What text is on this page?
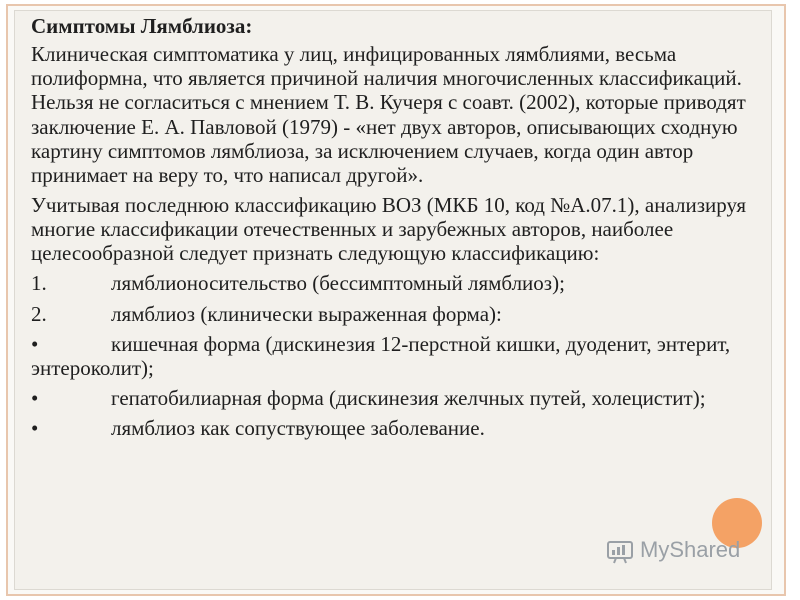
Симптомы Лямблиоза:
Клиническая симптоматика у лиц, инфицированных лямблиями, весьма полиформна, что является причиной наличия многочисленных классификаций. Нельзя не согласиться с мнением Т. В. Кучеря с соавт. (2002), которые приводят заключение Е. А. Павловой (1979) - «нет двух авторов, описывающих сходную картину симптомов лямблиоза, за исключением случаев, когда один автор принимает на веру то, что написал другой».
Учитывая последнюю классификацию ВОЗ (МКБ 10, код №А.07.1), анализируя многие классификации отечественных и зарубежных авторов, наиболее целесообразной следует признать следующую классификацию:
1.	лямблионосительство (бессимптомный лямблиоз);
2.	лямблиоз (клинически выраженная форма):
•	кишечная форма (дискинезия 12-перстной кишки, дуоденит, энтерит, энтероколит);
•	гепатобилиарная форма (дискинезия желчных путей, холецистит);
•	лямблиоз как сопуствующее заболевание.
MyShared
